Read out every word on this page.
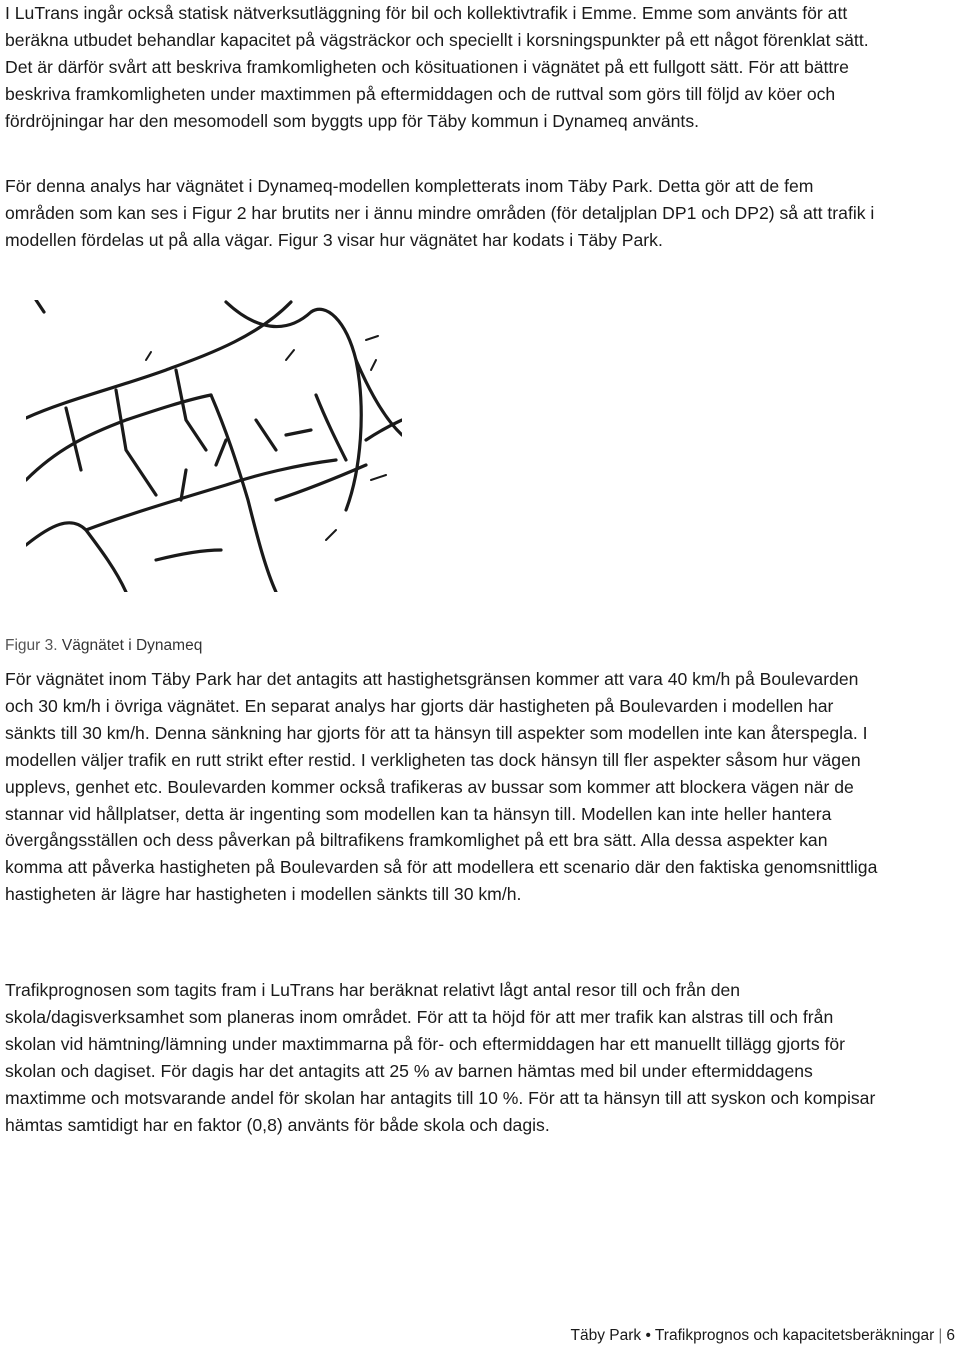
I LuTrans ingår också statisk nätverksutläggning för bil och kollektivtrafik i Emme. Emme som använts för att beräkna utbudet behandlar kapacitet på vägsträckor och speciellt i korsningspunkter på ett något förenklat sätt. Det är därför svårt att beskriva framkomligheten och kösituationen i vägnätet på ett fullgott sätt. För att bättre beskriva framkomligheten under maxtimmen på eftermiddagen och de ruttval som görs till följd av köer och fördröjningar har den mesomodell som byggts upp för Täby kommun i Dynameq använts.

För denna analys har vägnätet i Dynameq-modellen kompletterats inom Täby Park. Detta gör att de fem områden som kan ses i Figur 2 har brutits ner i ännu mindre områden (för detaljplan DP1 och DP2) så att trafik i modellen fördelas ut på alla vägar. Figur 3 visar hur vägnätet har kodats i Täby Park.

Figur 3. Vägnätet i Dynameq

För vägnätet inom Täby Park har det antagits att hastighetsgränsen kommer att vara 40 km/h på Boulevarden och 30 km/h i övriga vägnätet. En separat analys har gjorts där hastigheten på Boulevarden i modellen har sänkts till 30 km/h. Denna sänkning har gjorts för att ta hänsyn till aspekter som modellen inte kan återspegla. I modellen väljer trafik en rutt strikt efter restid. I verkligheten tas dock hänsyn till fler aspekter såsom hur vägen upplevs, genhet etc. Boulevarden kommer också trafikeras av bussar som kommer att blockera vägen när de stannar vid hållplatser, detta är ingenting som modellen kan ta hänsyn till. Modellen kan inte heller hantera övergångsställen och dess påverkan på biltrafikens framkomlighet på ett bra sätt. Alla dessa aspekter kan komma att påverka hastigheten på Boulevarden så för att modellera ett scenario där den faktiska genomsnittliga hastigheten är lägre har hastigheten i modellen sänkts till 30 km/h.

Trafikprognosen som tagits fram i LuTrans har beräknat relativt lågt antal resor till och från den skola/dagisverksamhet som planeras inom området. För att ta höjd för att mer trafik kan alstras till och från skolan vid hämtning/lämning under maxtimmarna på för- och eftermiddagen har ett manuellt tillägg gjorts för skolan och dagiset. För dagis har det antagits att 25 % av barnen hämtas med bil under eftermiddagens maxtimme och motsvarande andel för skolan har antagits till 10 %. För att ta hänsyn till att syskon och kompisar hämtas samtidigt har en faktor (0,8) använts för både skola och dagis.

Täby Park • Trafikprognos och kapacitetsberäkningar | 6
